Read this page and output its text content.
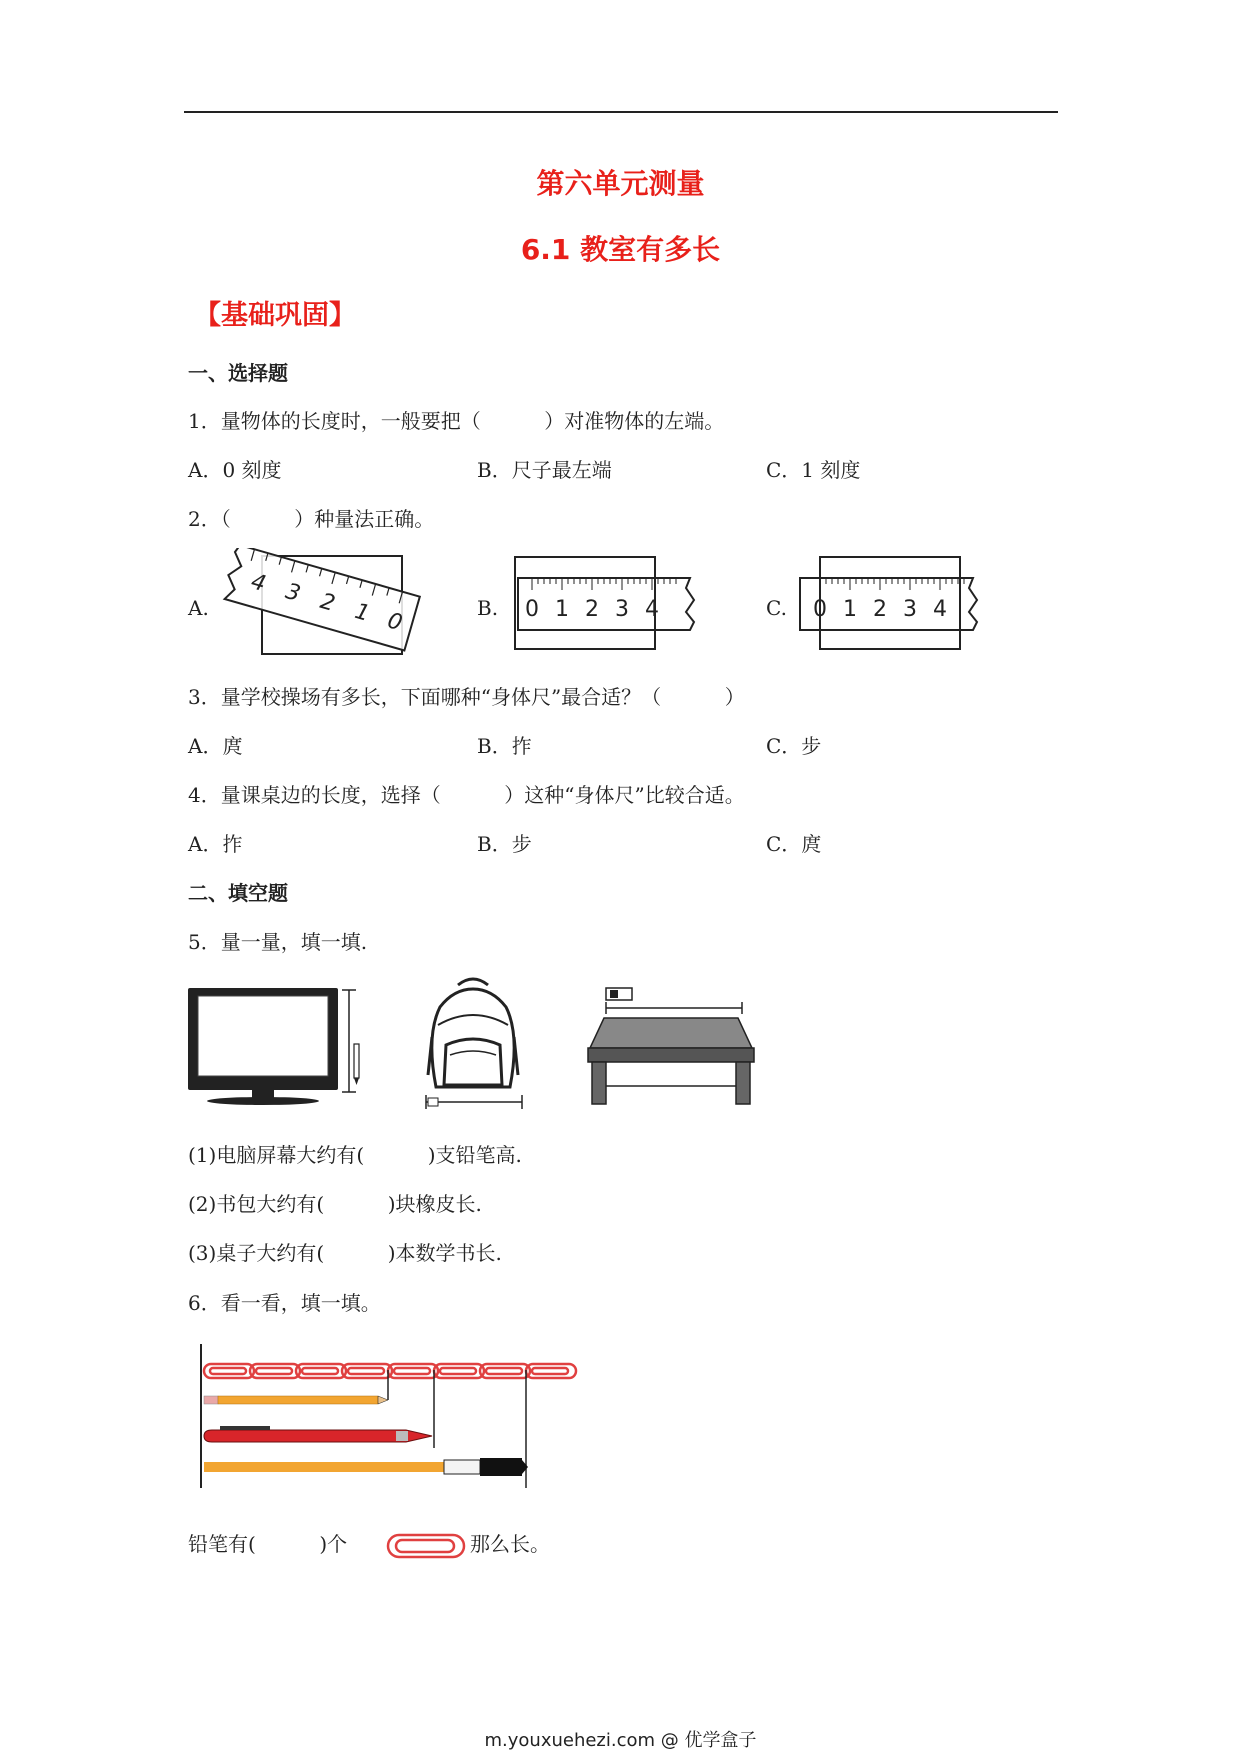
第六单元测量
6.1 教室有多长
【基础巩固】
一、选择题
1．量物体的长度时，一般要把（          ）对准物体的左端。
A．0 刻度	B．尺子最左端	C．1 刻度
2．（          ）种量法正确。
A.
4 3 2 1 0
B. 0 1 2 3 4	C. 0 1 2 3 4
3．量学校操场有多长，下面哪种“身体尺”最合适？（          ）
A．庹	B．拃	C．步
4．量课桌边的长度，选择（          ）这种“身体尺”比较合适。
A．拃	B．步	C．庹
二、填空题
5．量一量，填一填.
(1)电脑屏幕大约有(          )支铅笔高.
(2)书包大约有(          )块橡皮长.
(3)桌子大约有(          )本数学书长.
6．看一看，填一填。
铅笔有(          )个	那么长。
m.youxuehezi.com @ 优学盒子
